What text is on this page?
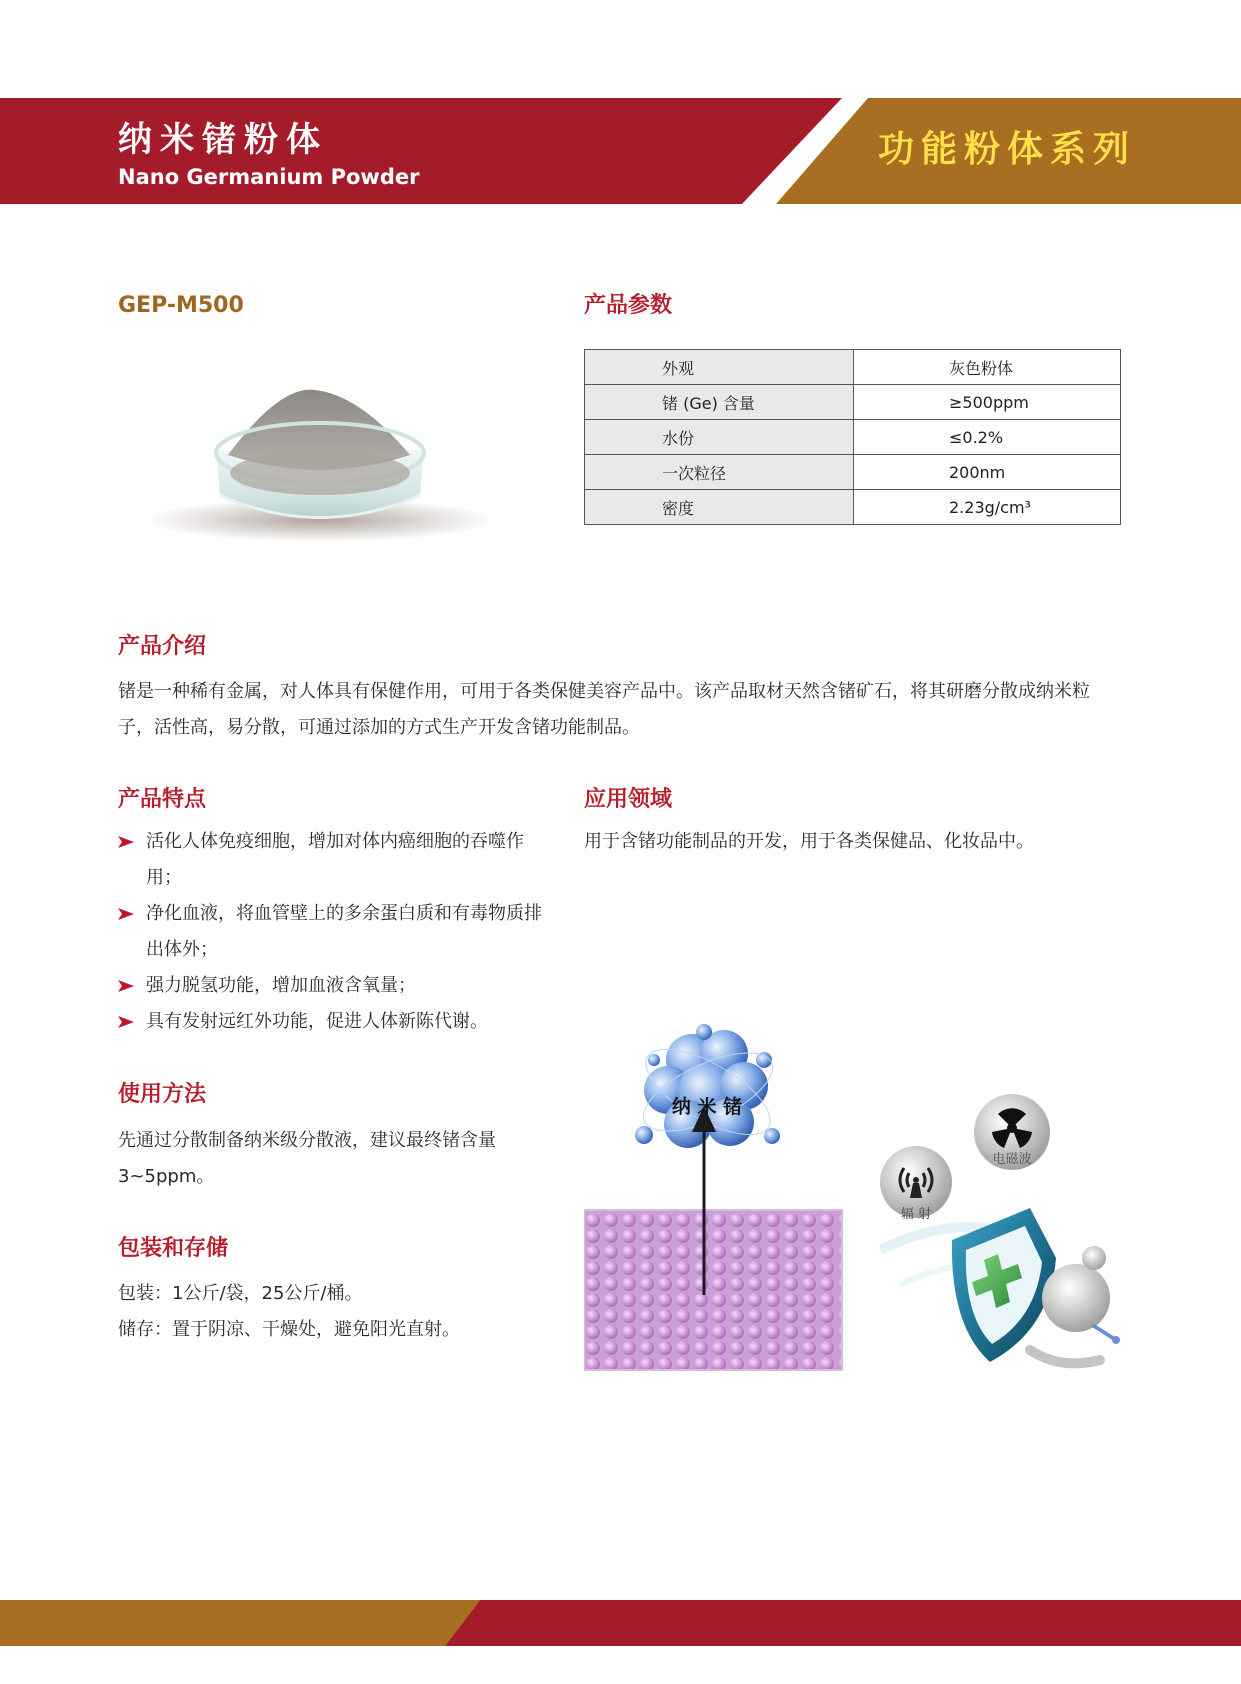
纳米锗粉体
Nano Germanium Powder
功能粉体系列
GEP-M500	产品参数
外观	灰色粉体
锗 (Ge) 含量	≥500ppm
水份	≤0.2%
一次粒径	200nm
密度	2.23g/cm³
产品介绍
锗是一种稀有金属，对人体具有保健作用，可用于各类保健美容产品中。该产品取材天然含锗矿石，将其研磨分散成纳米粒子，活性高，易分散，可通过添加的方式生产开发含锗功能制品。
产品特点
活化人体免疫细胞，增加对体内癌细胞的吞噬作用；
净化血液，将血管壁上的多余蛋白质和有毒物质排出体外；
强力脱氢功能，增加血液含氧量；
具有发射远红外功能，促进人体新陈代谢。
应用领域
用于含锗功能制品的开发，用于各类保健品、化妆品中。
使用方法
先通过分散制备纳米级分散液，建议最终锗含量3~5ppm。
包装和存储
包装：1公斤/袋，25公斤/桶。
储存：置于阴凉、干燥处，避免阳光直射。
纳 米 锗
辐 射
电磁波
